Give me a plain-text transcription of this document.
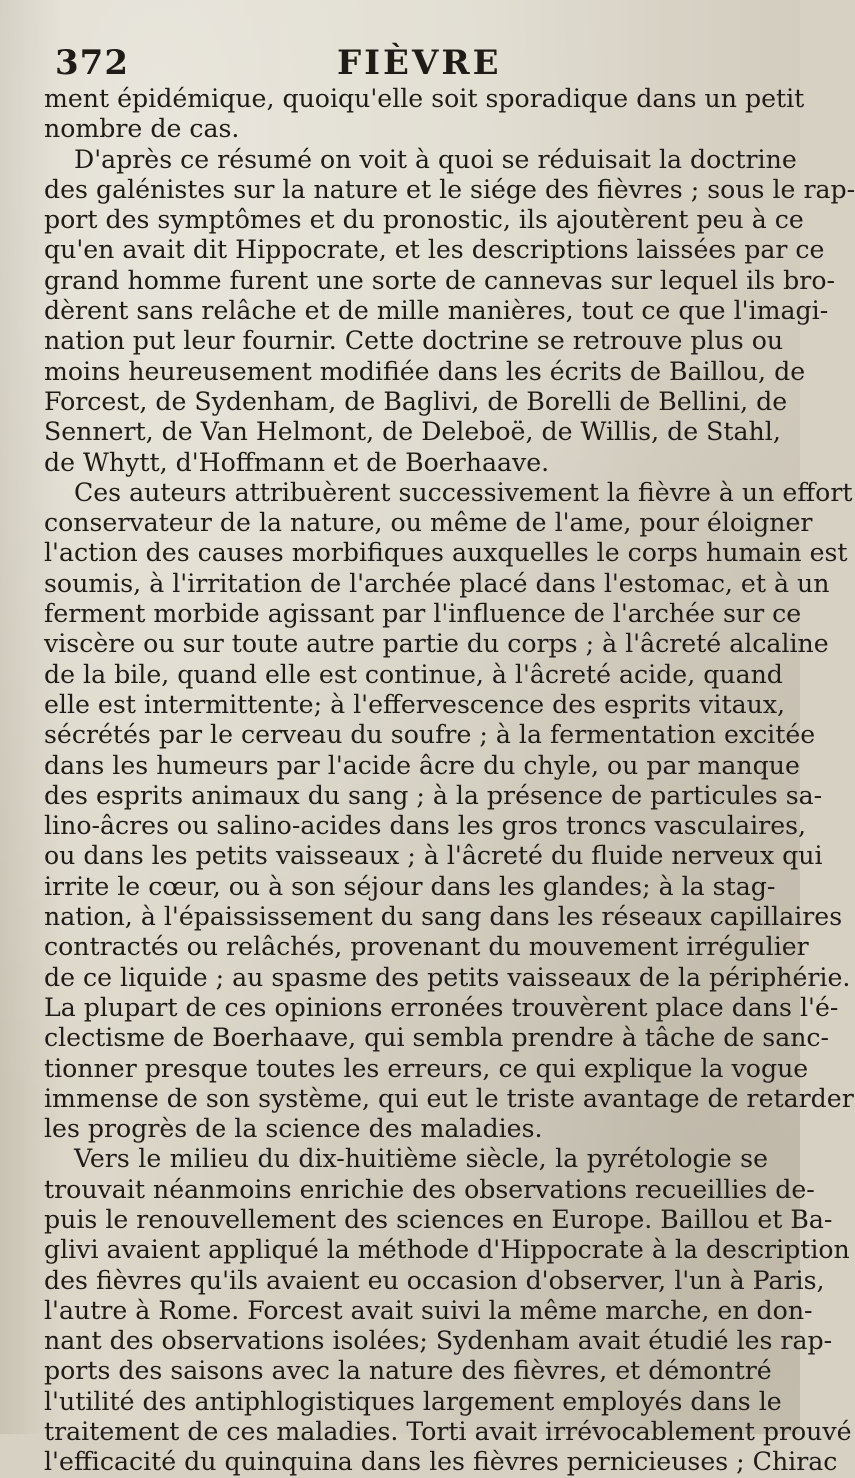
372	FIÈVRE
ment épidémique, quoiqu'elle soit sporadique dans un petit
nombre de cas.
D'après ce résumé on voit à quoi se réduisait la doctrine
des galénistes sur la nature et le siége des fièvres ; sous le rap-
port des symptômes et du pronostic, ils ajoutèrent peu à ce
qu'en avait dit Hippocrate, et les descriptions laissées par ce
grand homme furent une sorte de cannevas sur lequel ils bro-
dèrent sans relâche et de mille manières, tout ce que l'imagi-
nation put leur fournir. Cette doctrine se retrouve plus ou
moins heureusement modifiée dans les écrits de Baillou, de
Forcest, de Sydenham, de Baglivi, de Borelli de Bellini, de
Sennert, de Van Helmont, de Deleboë, de Willis, de Stahl,
de Whytt, d'Hoffmann et de Boerhaave.
Ces auteurs attribuèrent successivement la fièvre à un effort
conservateur de la nature, ou même de l'ame, pour éloigner
l'action des causes morbifiques auxquelles le corps humain est
soumis, à l'irritation de l'archée placé dans l'estomac, et à un
ferment morbide agissant par l'influence de l'archée sur ce
viscère ou sur toute autre partie du corps ; à l'âcreté alcaline
de la bile, quand elle est continue, à l'âcreté acide, quand
elle est intermittente; à l'effervescence des esprits vitaux,
sécrétés par le cerveau du soufre ; à la fermentation excitée
dans les humeurs par l'acide âcre du chyle, ou par manque
des esprits animaux du sang ; à la présence de particules sa-
lino-âcres ou salino-acides dans les gros troncs vasculaires,
ou dans les petits vaisseaux ; à l'âcreté du fluide nerveux qui
irrite le cœur, ou à son séjour dans les glandes; à la stag-
nation, à l'épaississement du sang dans les réseaux capillaires
contractés ou relâchés, provenant du mouvement irrégulier
de ce liquide ; au spasme des petits vaisseaux de la périphérie.
La plupart de ces opinions erronées trouvèrent place dans l'é-
clectisme de Boerhaave, qui sembla prendre à tâche de sanc-
tionner presque toutes les erreurs, ce qui explique la vogue
immense de son système, qui eut le triste avantage de retarder
les progrès de la science des maladies.
Vers le milieu du dix-huitième siècle, la pyrétologie se
trouvait néanmoins enrichie des observations recueillies de-
puis le renouvellement des sciences en Europe. Baillou et Ba-
glivi avaient appliqué la méthode d'Hippocrate à la description
des fièvres qu'ils avaient eu occasion d'observer, l'un à Paris,
l'autre à Rome. Forcest avait suivi la même marche, en don-
nant des observations isolées; Sydenham avait étudié les rap-
ports des saisons avec la nature des fièvres, et démontré
l'utilité des antiphlogistiques largement employés dans le
traitement de ces maladies. Torti avait irrévocablement prouvé
l'efficacité du quinquina dans les fièvres pernicieuses ; Chirac
